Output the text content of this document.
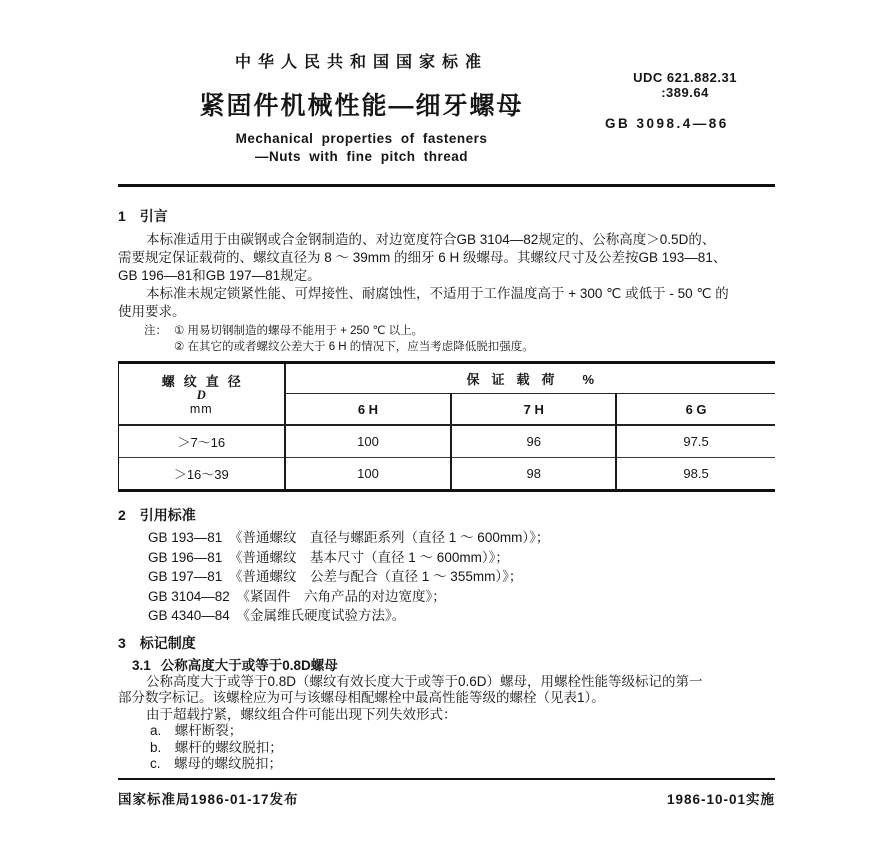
中华人民共和国国家标准
紧固件机械性能—细牙螺母
Mechanical properties of fasteners
—Nuts with fine pitch thread
UDC 621.882.31
:389.64
GB 3098.4—86
1 引言
本标准适用于由碳钢或合金钢制造的、对边宽度符合GB 3104—82规定的、公称高度＞0.5D的、
需要规定保证载荷的、螺纹直径为 8 ～ 39mm 的细牙 6 H 级螺母。其螺纹尺寸及公差按GB 193—81、
GB 196—81和GB 197—81规定。
本标准未规定锁紧性能、可焊接性、耐腐蚀性，不适用于工作温度高于 + 300 ℃ 或低于 - 50 ℃ 的
使用要求。
注： ① 用易切钢制造的螺母不能用于 + 250 ℃ 以上。
② 在其它的或者螺纹公差大于 6 H 的情况下，应当考虑降低脱扣强度。
螺纹直径
D
mm	保证载荷 %		
	6 H	7 H	6 G
＞7～16	100	96	97.5
＞16～39	100	98	98.5
2 引用标准
GB 193—81　《普通螺纹　直径与螺距系列（直径 1 ～ 600mm）》；
GB 196—81　《普通螺纹　基本尺寸（直径 1 ～ 600mm）》；
GB 197—81　《普通螺纹　公差与配合（直径 1 ～ 355mm）》；
GB 3104—82　《紧固件　六角产品的对边宽度》；
GB 4340—84　《金属维氏硬度试验方法》。
3 标记制度
3.1 公称高度大于或等于0.8D螺母
公称高度大于或等于0.8D（螺纹有效长度大于或等于0.6D）螺母，用螺栓性能等级标记的第一
部分数字标记。该螺栓应为可与该螺母相配螺栓中最高性能等级的螺栓（见表1）。
由于超载拧紧，螺纹组合件可能出现下列失效形式：
a.　螺杆断裂；
b.　螺杆的螺纹脱扣；
c.　螺母的螺纹脱扣；
国家标准局1986-01-17发布	1986-10-01实施
